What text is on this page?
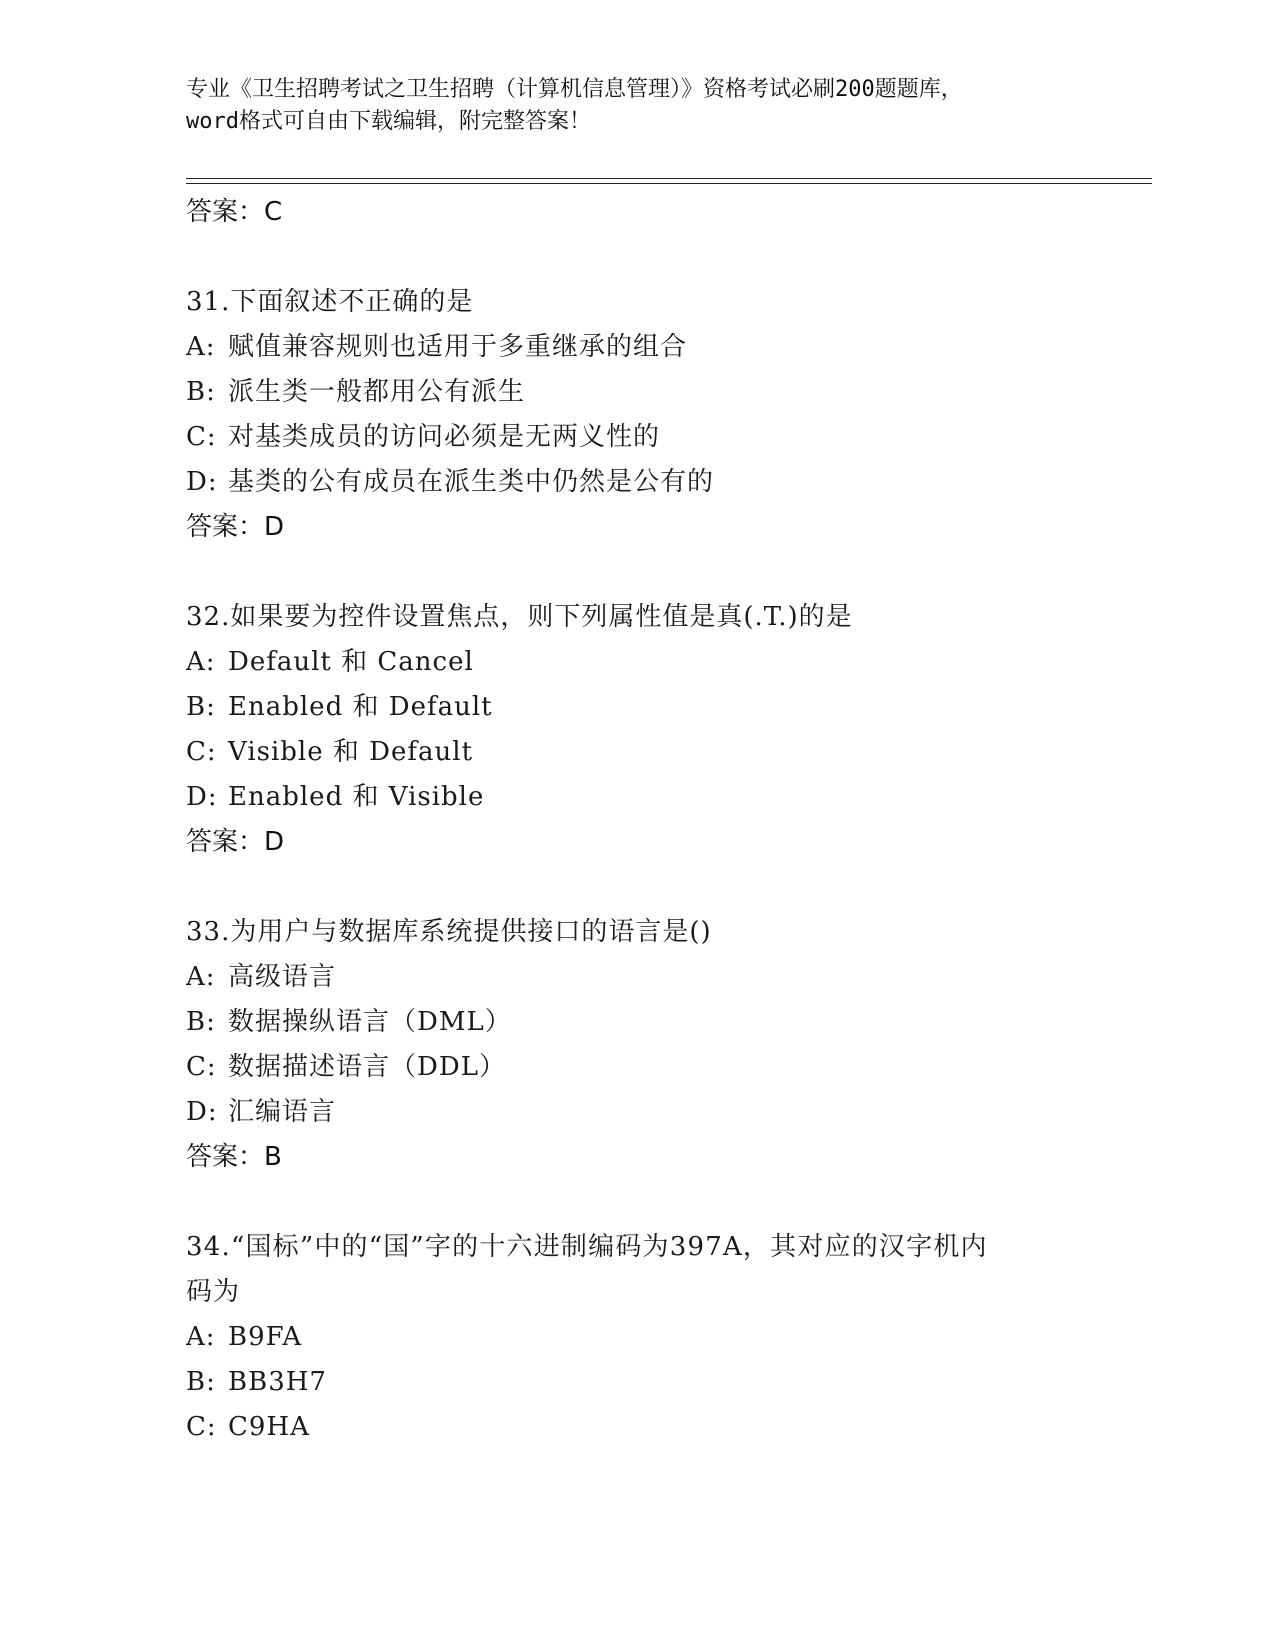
专业《卫生招聘考试之卫生招聘（计算机信息管理）》资格考试必刷200题题库，
word格式可自由下载编辑，附完整答案！
答案：C
31.下面叙述不正确的是
A: 赋值兼容规则也适用于多重继承的组合
B: 派生类一般都用公有派生
C: 对基类成员的访问必须是无两义性的
D: 基类的公有成员在派生类中仍然是公有的
答案：D
32.如果要为控件设置焦点，则下列属性值是真(.T.)的是
A: Default 和 Cancel
B: Enabled 和 Default
C: Visible 和 Default
D: Enabled 和 Visible
答案：D
33.为用户与数据库系统提供接口的语言是()
A: 高级语言
B: 数据操纵语言（DML）
C: 数据描述语言（DDL）
D: 汇编语言
答案：B
34.“国标”中的“国”字的十六进制编码为397A，其对应的汉字机内
码为
A: B9FA
B: BB3H7
C: C9HA
